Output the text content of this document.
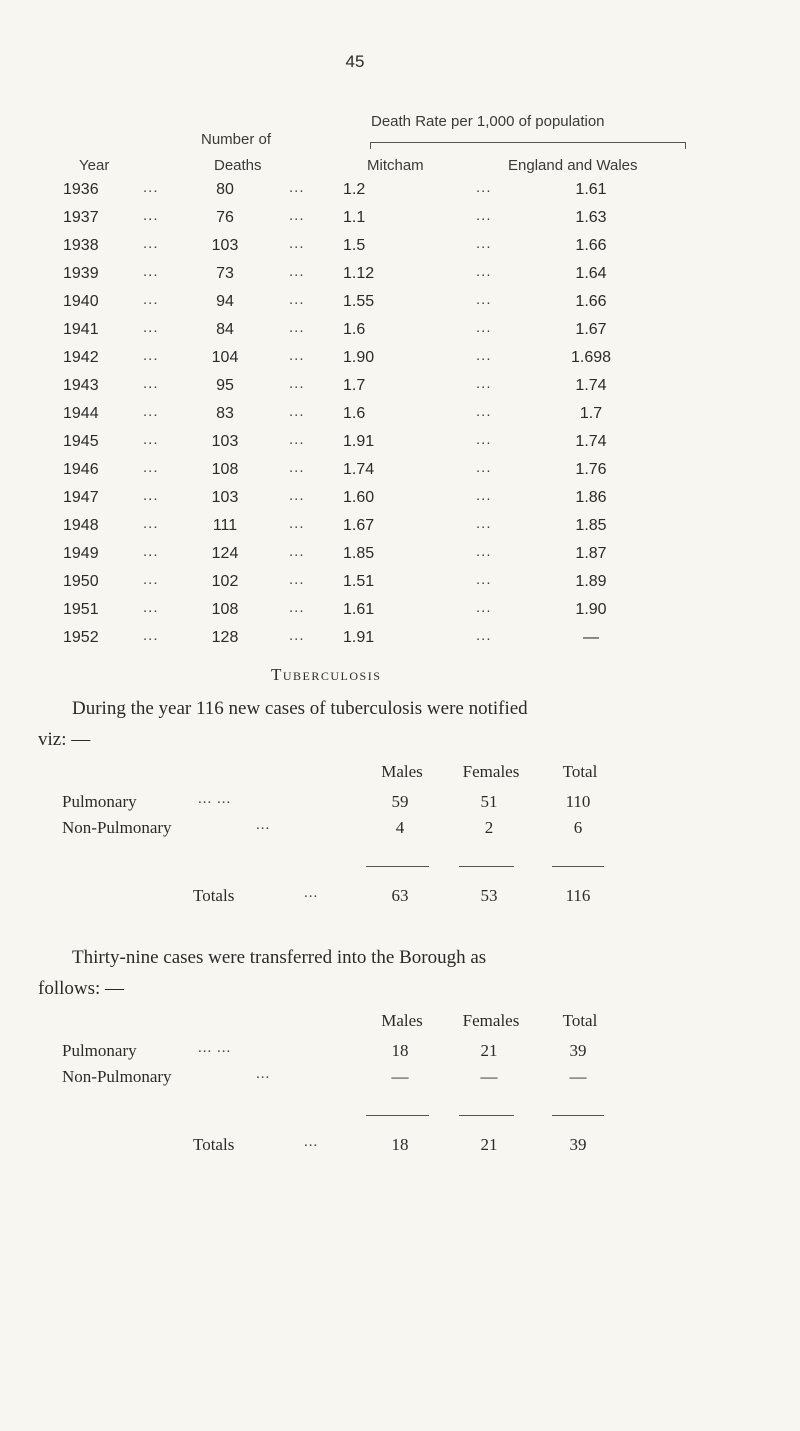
45
Death Rate per 1,000 of population
Number of
Year	Deaths	Mitcham	England and Wales
1936	...	80	... 1.2	...	1.61
1937	...	76	... 1.1	...	1.63
1938	...	103	... 1.5	...	1.66
1939	...	73	... 1.12	...	1.64
1940	...	94	... 1.55	...	1.66
1941	...	84	... 1.6	...	1.67
1942	...	104	... 1.90	...	1.698
1943	...	95	... 1.7	...	1.74
1944	...	83	... 1.6	...	1.7
1945	...	103	... 1.91	...	1.74
1946	...	108	... 1.74	...	1.76
1947	...	103	... 1.60	...	1.86
1948	...	111	... 1.67	...	1.85
1949	...	124	... 1.85	...	1.87
1950	...	102	... 1.51	...	1.89
1951	...	108	... 1.61	...	1.90
1952	...	128	... 1.91	...	—
Tuberculosis
During the year 116 new cases of tuberculosis were notified
viz: —
Males	Females	Total
Pulmonary	... ...	59	51	110
Non-Pulmonary	...	4	2	6
Totals	...	63	53	116
Thirty-nine cases were transferred into the Borough as
follows: —
Males	Females	Total
Pulmonary	... ...	18	21	39
Non-Pulmonary	...	—	—	—
Totals	...	18	21	39
